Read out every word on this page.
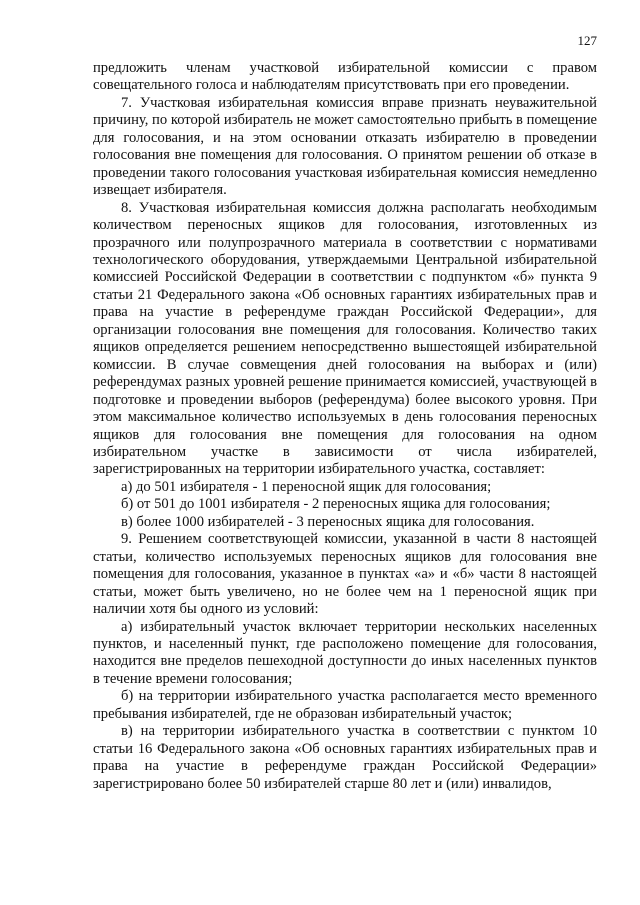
127

предложить членам участковой избирательной комиссии с правом совещательного голоса и наблюдателям присутствовать при его проведении.

7. Участковая избирательная комиссия вправе признать неуважительной причину, по которой избиратель не может самостоятельно прибыть в помещение для голосования, и на этом основании отказать избирателю в проведении голосования вне помещения для голосования. О принятом решении об отказе в проведении такого голосования участковая избирательная комиссия немедленно извещает избирателя.

8. Участковая избирательная комиссия должна располагать необходимым количеством переносных ящиков для голосования, изготовленных из прозрачного или полупрозрачного материала в соответствии с нормативами технологического оборудования, утверждаемыми Центральной избирательной комиссией Российской Федерации в соответствии с подпунктом «б» пункта 9 статьи 21 Федерального закона «Об основных гарантиях избирательных прав и права на участие в референдуме граждан Российской Федерации», для организации голосования вне помещения для голосования. Количество таких ящиков определяется решением непосредственно вышестоящей избирательной комиссии. В случае совмещения дней голосования на выборах и (или) референдумах разных уровней решение принимается комиссией, участвующей в подготовке и проведении выборов (референдума) более высокого уровня. При этом максимальное количество используемых в день голосования переносных ящиков для голосования вне помещения для голосования на одном избирательном участке в зависимости от числа избирателей, зарегистрированных на территории избирательного участка, составляет:

а) до 501 избирателя - 1 переносной ящик для голосования;

б) от 501 до 1001 избирателя - 2 переносных ящика для голосования;

в) более 1000 избирателей - 3 переносных ящика для голосования.

9. Решением соответствующей комиссии, указанной в части 8 настоящей статьи, количество используемых переносных ящиков для голосования вне помещения для голосования, указанное в пунктах «а» и «б» части 8 настоящей статьи, может быть увеличено, но не более чем на 1 переносной ящик при наличии хотя бы одного из условий:

а) избирательный участок включает территории нескольких населенных пунктов, и населенный пункт, где расположено помещение для голосования, находится вне пределов пешеходной доступности до иных населенных пунктов в течение времени голосования;

б) на территории избирательного участка располагается место временного пребывания избирателей, где не образован избирательный участок;

в) на территории избирательного участка в соответствии с пунктом 10 статьи 16 Федерального закона «Об основных гарантиях избирательных прав и права на участие в референдуме граждан Российской Федерации» зарегистрировано более 50 избирателей старше 80 лет и (или) инвалидов,
